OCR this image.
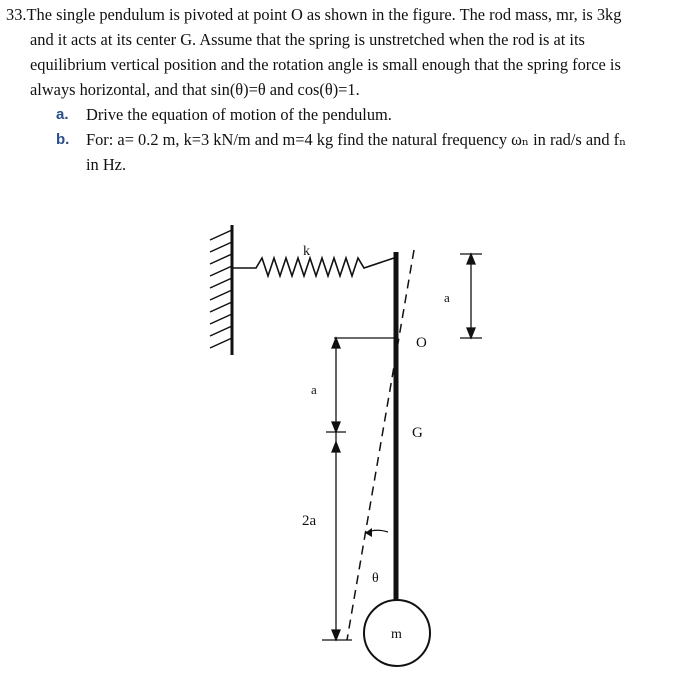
33.The single pendulum is pivoted at point O as shown in the figure. The rod mass, mr, is 3kg

and it acts at its center G. Assume that the spring is unstretched when the rod is at its

equilibrium vertical position and the rotation angle is small enough that the spring force is

always horizontal, and that sin(θ)=θ and cos(θ)=1.

a. Drive the equation of motion of the pendulum.
b. For: a= 0.2 m, k=3 kN/m and m=4 kg find the natural frequency ωₙ in rad/s and fₙ
in Hz.
k
O
a
a
G
2a
θ
m
